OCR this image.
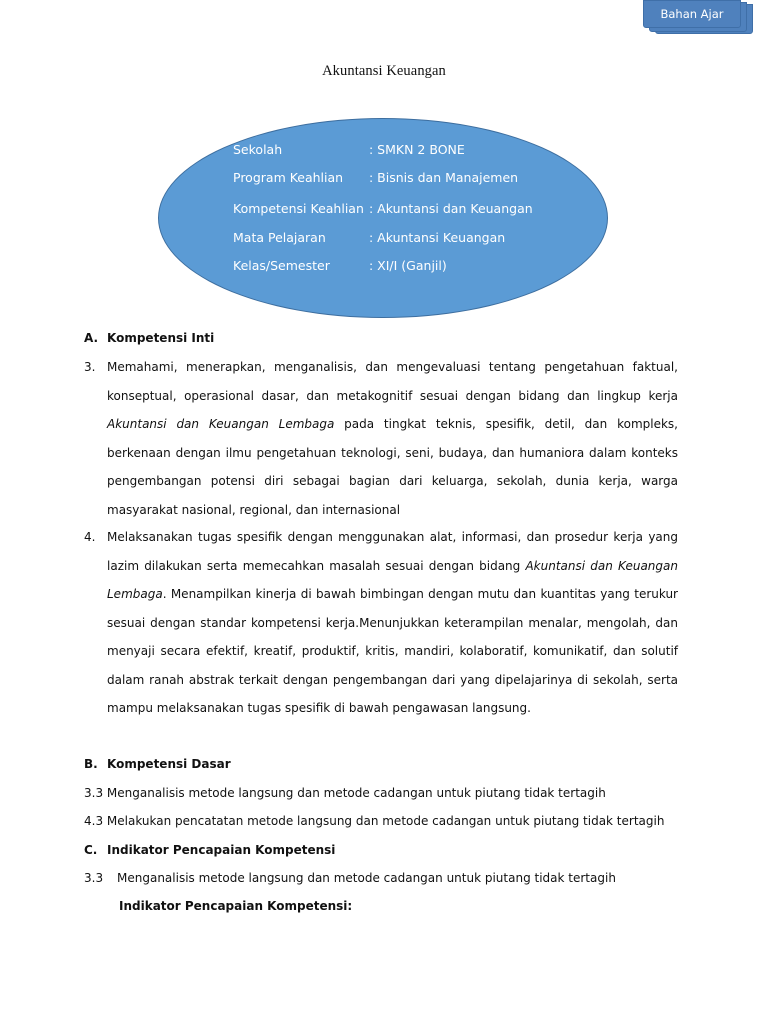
Bahan Ajar
Akuntansi Keuangan
Sekolah	: SMKN 2 BONE
Program Keahlian : Bisnis dan Manajemen
Kompetensi Keahlian : Akuntansi dan Keuangan
Mata Pelajaran	: Akuntansi Keuangan
Kelas/Semester	: XI/I (Ganjil)
A. Kompetensi Inti
3. Memahami, menerapkan, menganalisis, dan mengevaluasi tentang pengetahuan faktual, konseptual, operasional dasar, dan metakognitif sesuai dengan bidang dan lingkup kerja Akuntansi dan Keuangan Lembaga pada tingkat teknis, spesifik, detil, dan kompleks, berkenaan dengan ilmu pengetahuan teknologi, seni, budaya, dan humaniora dalam konteks pengembangan potensi diri sebagai bagian dari keluarga, sekolah, dunia kerja, warga masyarakat nasional, regional, dan internasional
4. Melaksanakan tugas spesifik dengan menggunakan alat, informasi, dan prosedur kerja yang lazim dilakukan serta memecahkan masalah sesuai dengan bidang Akuntansi dan Keuangan Lembaga. Menampilkan kinerja di bawah bimbingan dengan mutu dan kuantitas yang terukur sesuai dengan standar kompetensi kerja.Menunjukkan keterampilan menalar, mengolah, dan menyaji secara efektif, kreatif, produktif, kritis, mandiri, kolaboratif, komunikatif, dan solutif dalam ranah abstrak terkait dengan pengembangan dari yang dipelajarinya di sekolah, serta mampu melaksanakan tugas spesifik di bawah pengawasan langsung.
B. Kompetensi Dasar
3.3 Menganalisis metode langsung dan metode cadangan untuk piutang tidak tertagih
4.3 Melakukan pencatatan metode langsung dan metode cadangan untuk piutang tidak tertagih
C. Indikator Pencapaian Kompetensi
3.3 Menganalisis metode langsung dan metode cadangan untuk piutang tidak tertagih
Indikator Pencapaian Kompetensi:
